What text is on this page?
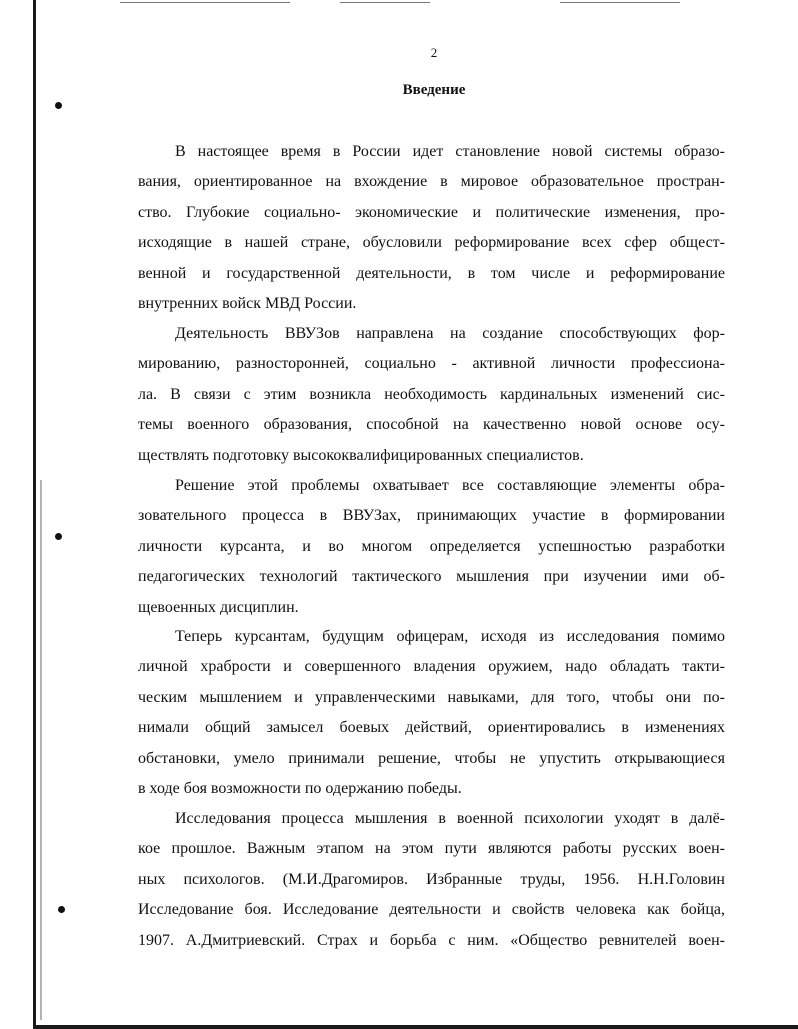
2
Введение
В настоящее время в России идет становление новой системы образо-
вания, ориентированное на вхождение в мировое образовательное простран-
ство. Глубокие социально- экономические и политические изменения, про-
исходящие в нашей стране, обусловили реформирование всех сфер общест-
венной и государственной деятельности, в том числе и реформирование
внутренних войск МВД России.
Деятельность ВВУЗов направлена на создание способствующих фор-
мированию, разносторонней, социально - активной личности профессиона-
ла. В связи с этим возникла необходимость кардинальных изменений сис-
темы военного образования, способной на качественно новой основе осу-
ществлять подготовку высококвалифицированных специалистов.
Решение этой проблемы охватывает все составляющие элементы обра-
зовательного процесса в ВВУЗах, принимающих участие в формировании
личности курсанта, и во многом определяется успешностью разработки
педагогических технологий тактического мышления при изучении ими об-
щевоенных дисциплин.
Теперь курсантам, будущим офицерам, исходя из исследования помимо
личной храбрости и совершенного владения оружием, надо обладать такти-
ческим мышлением и управленческими навыками, для того, чтобы они по-
нимали общий замысел боевых действий, ориентировались в изменениях
обстановки, умело принимали решение, чтобы не упустить открывающиеся
в ходе боя возможности по одержанию победы.
Исследования процесса мышления в военной психологии уходят в далё-
кое прошлое. Важным этапом на этом пути являются работы русских воен-
ных психологов. (М.И.Драгомиров. Избранные труды, 1956. Н.Н.Головин
Исследование боя. Исследование деятельности и свойств человека как бойца,
1907. А.Дмитриевский. Страх и борьба с ним. «Общество ревнителей воен-
